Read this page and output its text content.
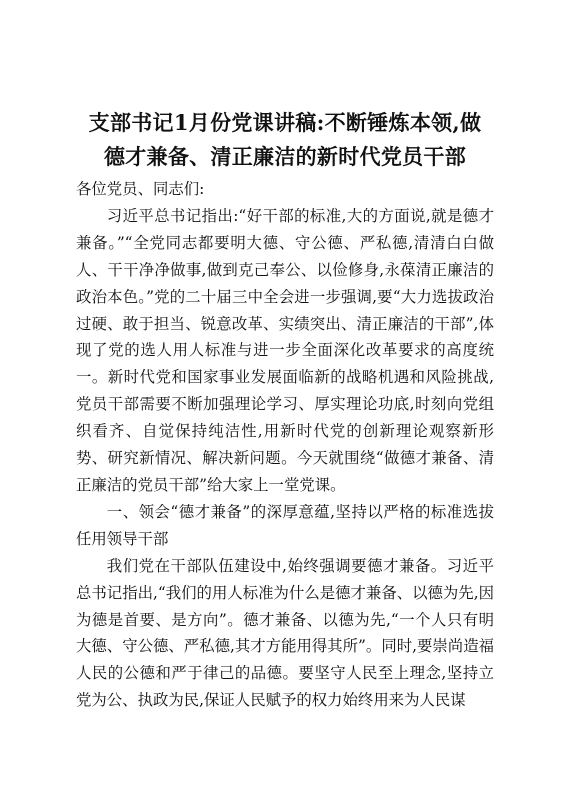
支部书记1月份党课讲稿:不断锤炼本领,做
德才兼备、清正廉洁的新时代党员干部

各位党员、同志们:

习近平总书记指出:“好干部的标准,大的方面说,就是德才兼备。”“全党同志都要明大德、守公德、严私德,清清白白做人、干干净净做事,做到克己奉公、以俭修身,永葆清正廉洁的政治本色。”党的二十届三中全会进一步强调,要“大力选拔政治过硬、敢于担当、锐意改革、实绩突出、清正廉洁的干部”,体现了党的选人用人标准与进一步全面深化改革要求的高度统一。新时代党和国家事业发展面临新的战略机遇和风险挑战,党员干部需要不断加强理论学习、厚实理论功底,时刻向党组织看齐、自觉保持纯洁性,用新时代党的创新理论观察新形势、研究新情况、解决新问题。今天就围绕“做德才兼备、清正廉洁的党员干部”给大家上一堂党课。

一、领会“德才兼备”的深厚意蕴,坚持以严格的标准选拔任用领导干部

我们党在干部队伍建设中,始终强调要德才兼备。习近平总书记指出,“我们的用人标准为什么是德才兼备、以德为先,因为德是首要、是方向”。德才兼备、以德为先,“一个人只有明大德、守公德、严私德,其才方能用得其所”。同时,要崇尚造福人民的公德和严于律己的品德。要坚守人民至上理念,坚持立党为公、执政为民,保证人民赋予的权力始终用来为人民谋
